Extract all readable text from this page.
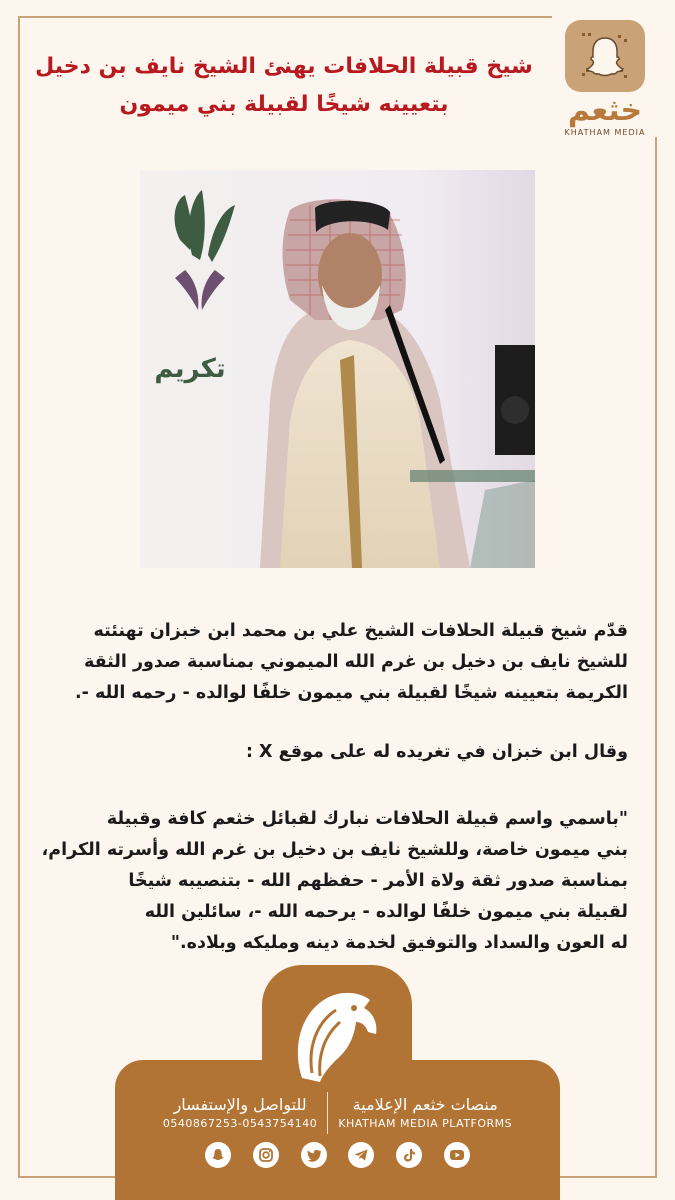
خثعم
KHATHAM MEDIA
شيخ قبيلة الحلافات يهنئ الشيخ نايف بن دخيل
بتعيينه شيخًا لقبيلة بني ميمون
تكريم

قدّم شيخ قبيلة الحلافات الشيخ علي بن محمد ابن خبزان تهنئته

للشيخ نايف بن دخيل بن غرم الله الميموني بمناسبة صدور الثقة

الكريمة بتعيينه شيخًا لقبيلة بني ميمون خلفًا لوالده - رحمه الله -.

وقال ابن خبزان في تغريده له على موقع X :

"باسمي واسم قبيلة الحلافات نبارك لقبائل خثعم كافة وقبيلة

بني ميمون خاصة، وللشيخ نايف بن دخيل بن غرم الله وأسرته الكرام،

بمناسبة صدور ثقة ولاة الأمر - حفظهم الله - بتنصيبه شيخًا

لقبيلة بني ميمون خلفًا لوالده - يرحمه الله -، سائلين الله

له العون والسداد والتوفيق لخدمة دينه ومليكه وبلاده."

منصات خثعم الإعلامية
KHATHAM MEDIA PLATFORMS
للتواصل والإستفسار
0540867253-0543754140
